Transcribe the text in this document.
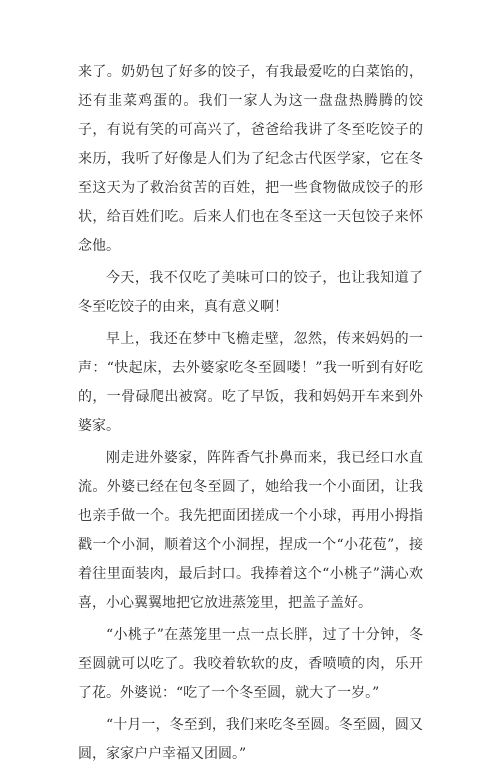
来了。奶奶包了好多的饺子，有我最爱吃的白菜馅的，还有韭菜鸡蛋的。我们一家人为这一盘盘热腾腾的饺子，有说有笑的可高兴了，爸爸给我讲了冬至吃饺子的来历，我听了好像是人们为了纪念古代医学家，它在冬至这天为了救治贫苦的百姓，把一些食物做成饺子的形状，给百姓们吃。后来人们也在冬至这一天包饺子来怀念他。

今天，我不仅吃了美味可口的饺子，也让我知道了冬至吃饺子的由来，真有意义啊！

早上，我还在梦中飞檐走壁，忽然，传来妈妈的一声：“快起床，去外婆家吃冬至圆喽！”我一听到有好吃的，一骨碌爬出被窝。吃了早饭，我和妈妈开车来到外婆家。

刚走进外婆家，阵阵香气扑鼻而来，我已经口水直流。外婆已经在包冬至圆了，她给我一个小面团，让我也亲手做一个。我先把面团搓成一个小球，再用小拇指戳一个小洞，顺着这个小洞捏，捏成一个“小花苞”，接着往里面装肉，最后封口。我捧着这个“小桃子”满心欢喜，小心翼翼地把它放进蒸笼里，把盖子盖好。

“小桃子”在蒸笼里一点一点长胖，过了十分钟，冬至圆就可以吃了。我咬着软软的皮，香喷喷的肉，乐开了花。外婆说：“吃了一个冬至圆，就大了一岁。”

“十月一，冬至到，我们来吃冬至圆。冬至圆，圆又圆，家家户户幸福又团圆。”
